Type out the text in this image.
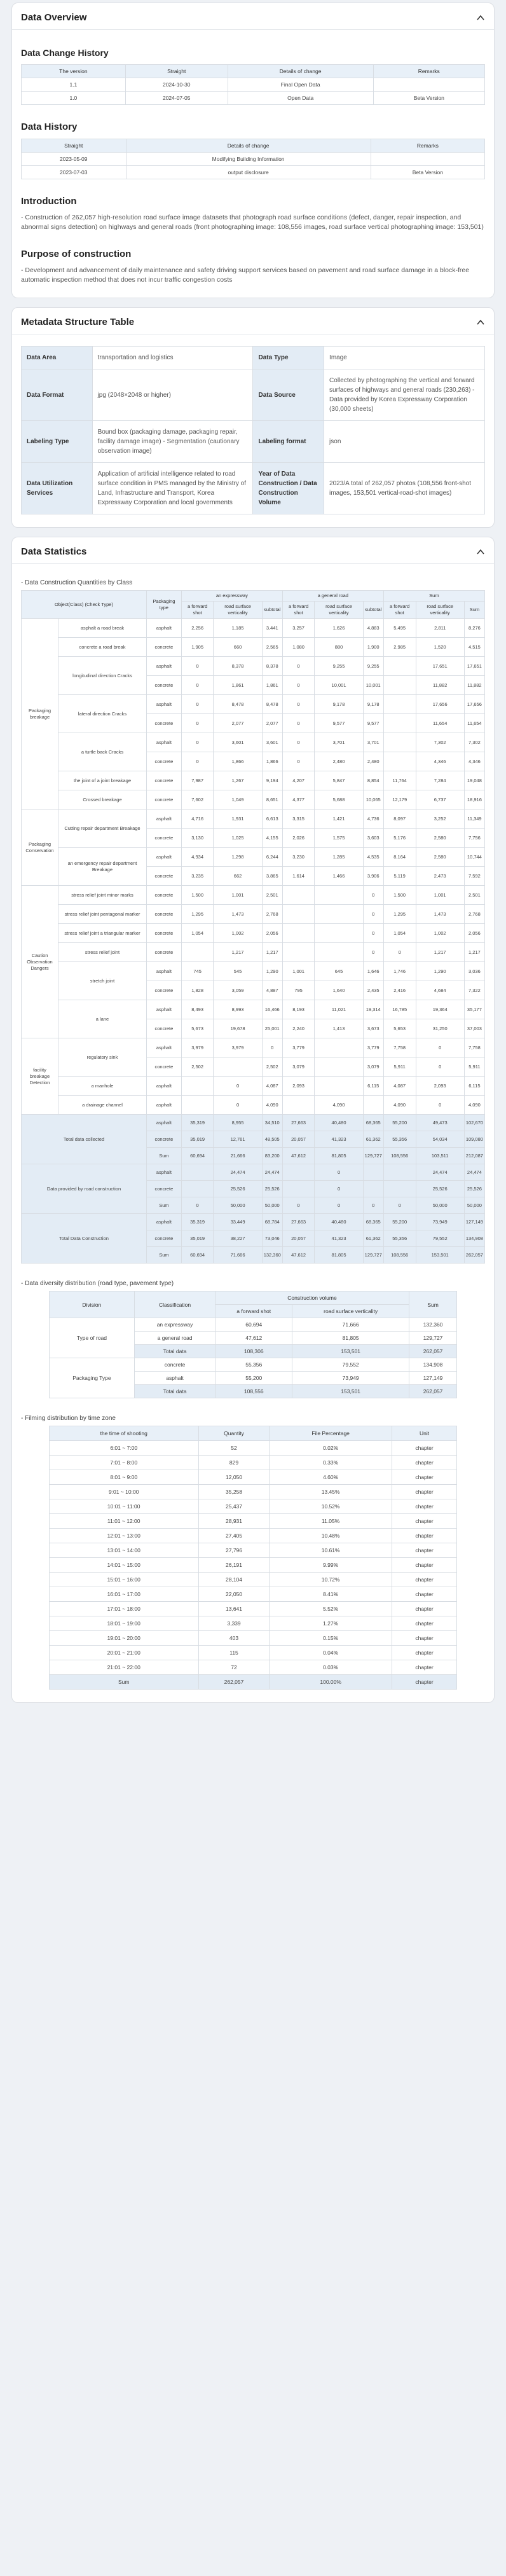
Data Overview
Data Change History
The version	Straight	Details of change	Remarks
1.1	2024-10-30	Final Open Data	
1.0	2024-07-05	Open Data	Beta Version
Data History
Straight	Details of change	Remarks
2023-05-09	Modifying Building Information	
2023-07-03	output disclosure	Beta Version
Introduction

- Construction of 262,057 high-resolution road surface image datasets that photograph road surface conditions (defect, danger, repair inspection, and abnormal signs detection) on highways and general roads (front photographing image: 108,556 images, road surface vertical photographing image: 153,501)

Purpose of construction

- Development and advancement of daily maintenance and safety driving support services based on pavement and road surface damage in a block-free automatic inspection method that does not incur traffic congestion costs

Metadata Structure Table
Data Area	transportation and logistics	Data Type	Image
Data Format	jpg (2048×2048 or higher)	Data Source	Collected by photographing the vertical and forward surfaces of highways and general roads (230,263) - Data provided by Korea Expressway Corporation (30,000 sheets)
Labeling Type	Bound box (packaging damage, packaging repair, facility damage image) - Segmentation (cautionary observation image)	Labeling format	json
Data Utilization Services	Application of artificial intelligence related to road surface condition in PMS managed by the Ministry of Land, Infrastructure and Transport, Korea Expressway Corporation and local governments	Year of Data Construction / Data Construction Volume	2023/A total of 262,057 photos (108,556 front-shot images, 153,501 vertical-road-shot images)
Data Statistics
- Data Construction Quantities by Class
Object(Class) (Check Type)		Packaging type	an expressway			a general road			Sum		
			a forward shot	road surface verticality	subtotal	a forward shot	road surface verticality	subtotal	a forward shot	road surface verticality	Sum
Packaging breakage	asphalt a road break	asphalt	2,256	1,185	3,441	3,257	1,626	4,883	5,495	2,811	8,276
	concrete a road break	concrete	1,905	660	2,565	1,080	880	1,900	2,985	1,520	4,515
	longitudinal direction Cracks	asphalt	0	8,378	8,378	0	9,255	9,255		17,651	17,651
		concrete	0	1,861	1,861	0	10,001	10,001		11,882	11,882
	lateral direction Cracks	asphalt	0	8,478	8,478	0	9,178	9,178		17,656	17,656
		concrete	0	2,077	2,077	0	9,577	9,577		11,654	11,654
	a turtle back Cracks	asphalt	0	3,601	3,601	0	3,701	3,701		7,302	7,302
		concrete	0	1,866	1,866	0	2,480	2,480		4,346	4,346
	the joint of a joint breakage	concrete	7,987	1,267	9,194	4,207	5,847	8,854	11,764	7,284	19,048
	Crossed breakage	concrete	7,602	1,049	8,651	4,377	5,688	10,065	12,179	6,737	18,916
Packaging Conservation	Cutting repair department Breakage	asphalt	4,716	1,931	6,613	3,315	1,421	4,736	8,097	3,252	11,349
		concrete	3,130	1,025	4,155	2,026	1,575	3,603	5,176	2,580	7,756
	an emergency repair department Breakage	asphalt	4,934	1,298	6,244	3,230	1,285	4,535	8,164	2,580	10,744
		concrete	3,235	662	3,865	1,614	1,466	3,906	5,119	2,473	7,592
Caution Observation Dangers	stress relief joint minor marks	concrete	1,500	1,001	2,501			0	1,500	1,001	2,501
	stress relief joint pentagonal marker	concrete	1,295	1,473	2,768			0	1,295	1,473	2,768
	stress relief joint a triangular marker	concrete	1,054	1,002	2,056			0	1,054	1,002	2,056
	stress relief joint	concrete		1,217	1,217			0	0	1,217	1,217
	stretch joint	asphalt	745	545	1,290	1,001	645	1,646	1,746	1,290	3,036
		concrete	1,828	3,059	4,887	795	1,640	2,435	2,416	4,684	7,322
	a lane	asphalt	8,493	8,993	16,466	8,193	11,021	19,314	16,785	19,364	35,177
		concrete	5,673	19,678	25,001	2,240	1,413	3,673	5,653	31,250	37,003
facility breakage Detection	regulatory sink	asphalt	3,979	3,979	0	3,779		3,779	7,758	0	7,758
		concrete	2,502		2,502	3,079		3,079	5,911	0	5,911
	a manhole	asphalt		0	4,087	2,093		6,115	4,087	2,093	6,115
	a drainage channel	asphalt		0	4,090		4,090		4,090	0	4,090
Total data collected		asphalt	35,319	8,955	34,510	27,663	40,480	68,365	55,200	49,473	102,670
		concrete	35,019	12,761	48,505	20,057	41,323	61,362	55,356	54,034	109,080
		Sum	60,694	21,666	83,200	47,612	81,805	129,727	108,556	103,511	212,087
Data provided by road construction		asphalt		24,474	24,474		0			24,474	24,474
		concrete		25,526	25,526		0			25,526	25,526
		Sum	0	50,000	50,000	0	0	0	0	50,000	50,000
Total Data Construction		asphalt	35,319	33,449	68,784	27,663	40,480	68,365	55,200	73,949	127,149
		concrete	35,019	38,227	73,046	20,057	41,323	61,362	55,356	79,552	134,908
		Sum	60,694	71,666	132,360	47,612	81,805	129,727	108,556	153,501	262,057
- Data diversity distribution (road type, pavement type)
Division	Classification	Construction volume		Sum
		a forward shot	road surface verticality	
Type of road	an expressway	60,694	71,666	132,360
	a general road	47,612	81,805	129,727
	Total data	108,306	153,501	262,057
Packaging Type	concrete	55,356	79,552	134,908
	asphalt	55,200	73,949	127,149
	Total data	108,556	153,501	262,057
- Filming distribution by time zone
the time of shooting	Quantity	File Percentage	Unit
6:01 ~ 7:00	52	0.02%	chapter
7:01 ~ 8:00	829	0.33%	chapter
8:01 ~ 9:00	12,050	4.60%	chapter
9:01 ~ 10:00	35,258	13.45%	chapter
10:01 ~ 11:00	25,437	10.52%	chapter
11:01 ~ 12:00	28,931	11.05%	chapter
12:01 ~ 13:00	27,405	10.48%	chapter
13:01 ~ 14:00	27,796	10.61%	chapter
14:01 ~ 15:00	26,191	9.99%	chapter
15:01 ~ 16:00	28,104	10.72%	chapter
16:01 ~ 17:00	22,050	8.41%	chapter
17:01 ~ 18:00	13,641	5.52%	chapter
18:01 ~ 19:00	3,339	1.27%	chapter
19:01 ~ 20:00	403	0.15%	chapter
20:01 ~ 21:00	115	0.04%	chapter
21:01 ~ 22:00	72	0.03%	chapter
Sum	262,057	100.00%	chapter
